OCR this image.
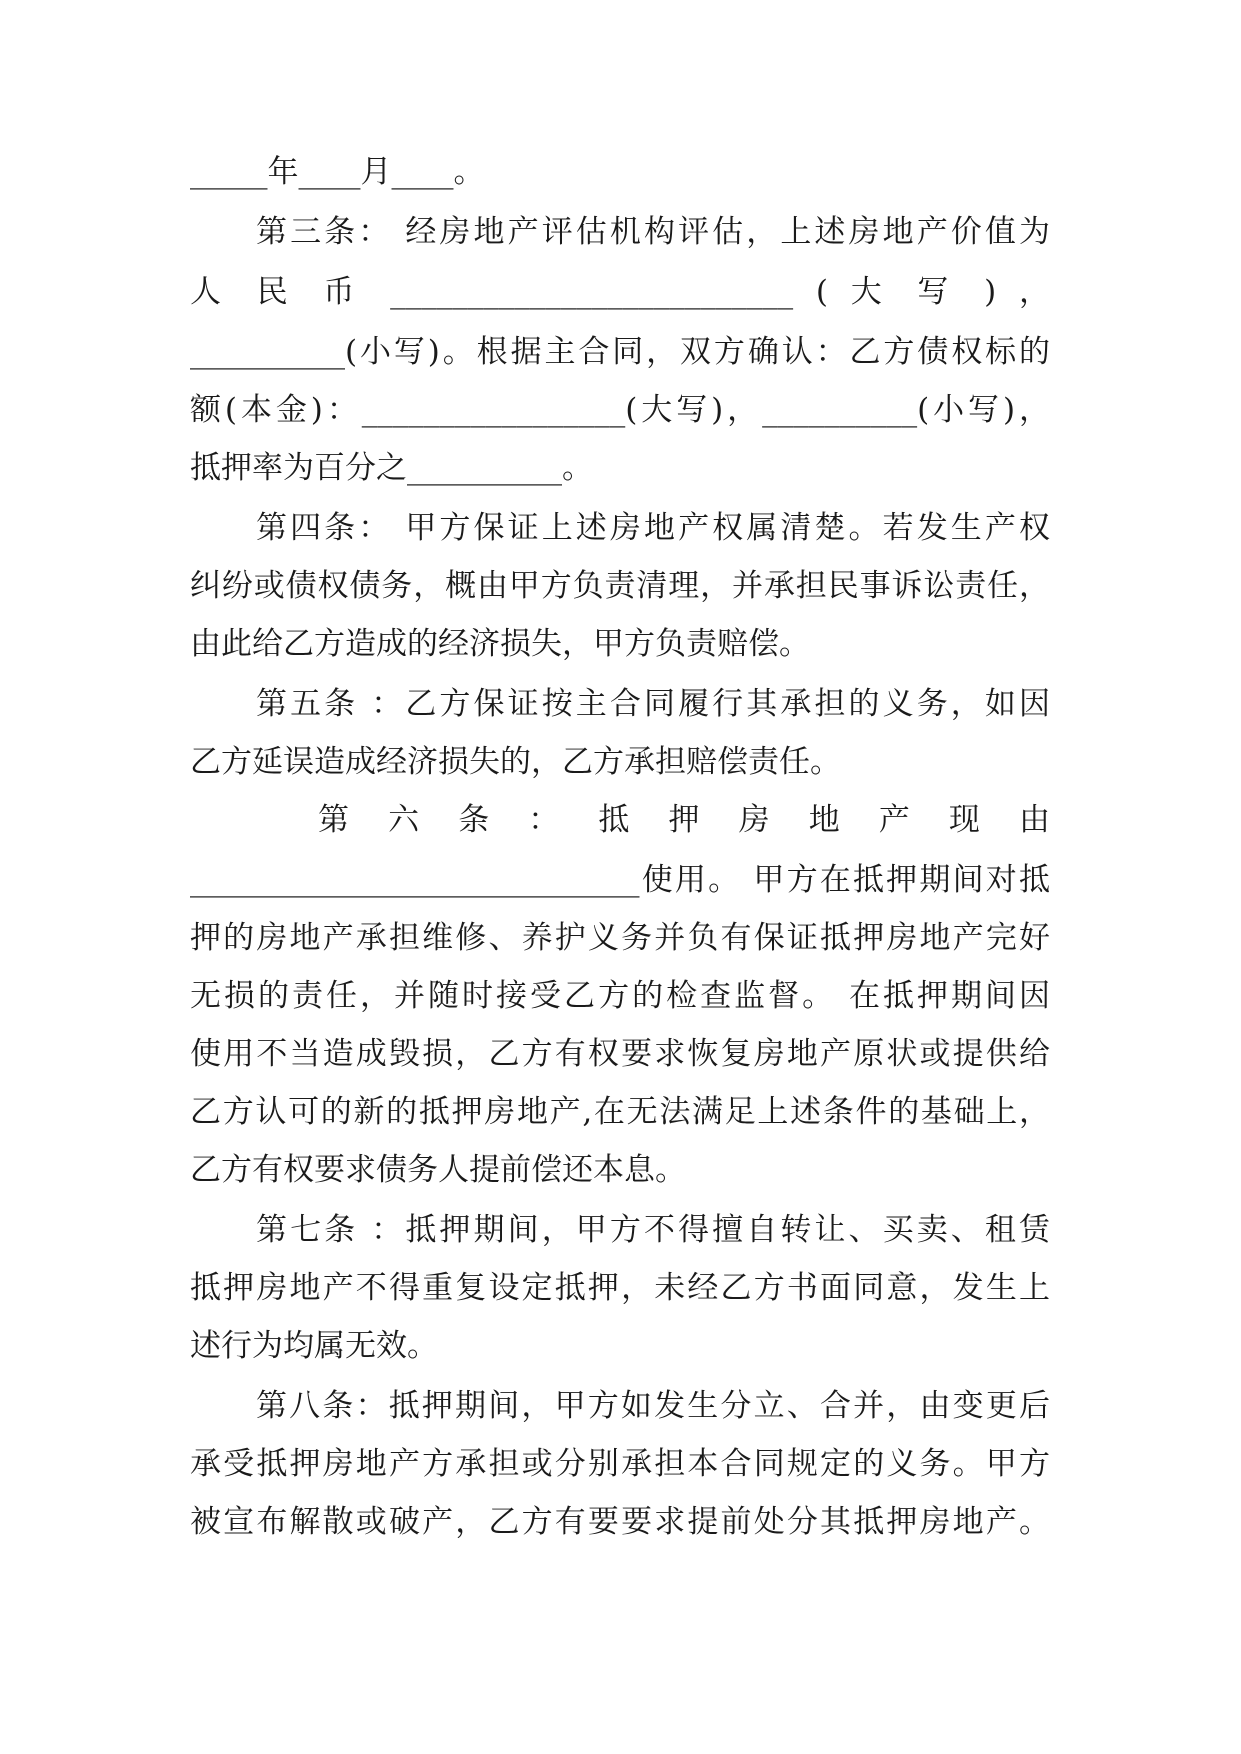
_____年____月____。
第三条： 经房地产评估机构评估，上述房地产价值为
人 民 币 __________________________ ( 大 写 ) ，
__________(小写)。根据主合同，双方确认：乙方债权标的
额(本金)：_________________(大写)，__________(小写)，
抵押率为百分之__________。
第四条： 甲方保证上述房地产权属清楚。若发生产权
纠纷或债权债务，概由甲方负责清理，并承担民事诉讼责任，
由此给乙方造成的经济损失，甲方负责赔偿。
第五条 ：乙方保证按主合同履行其承担的义务，如因
乙方延误造成经济损失的，乙方承担赔偿责任。
第 六 条 ： 抵 押 房 地 产 现 由
_____________________________使用。 甲方在抵押期间对抵
押的房地产承担维修、养护义务并负有保证抵押房地产完好
无损的责任，并随时接受乙方的检查监督。 在抵押期间因
使用不当造成毁损，乙方有权要求恢复房地产原状或提供给
乙方认可的新的抵押房地产,在无法满足上述条件的基础上，
乙方有权要求债务人提前偿还本息。
第七条 ：抵押期间，甲方不得擅自转让、买卖、租赁
抵押房地产不得重复设定抵押，未经乙方书面同意，发生上
述行为均属无效。
第八条：抵押期间，甲方如发生分立、合并，由变更后
承受抵押房地产方承担或分别承担本合同规定的义务。甲方
被宣布解散或破产，乙方有要要求提前处分其抵押房地产。
